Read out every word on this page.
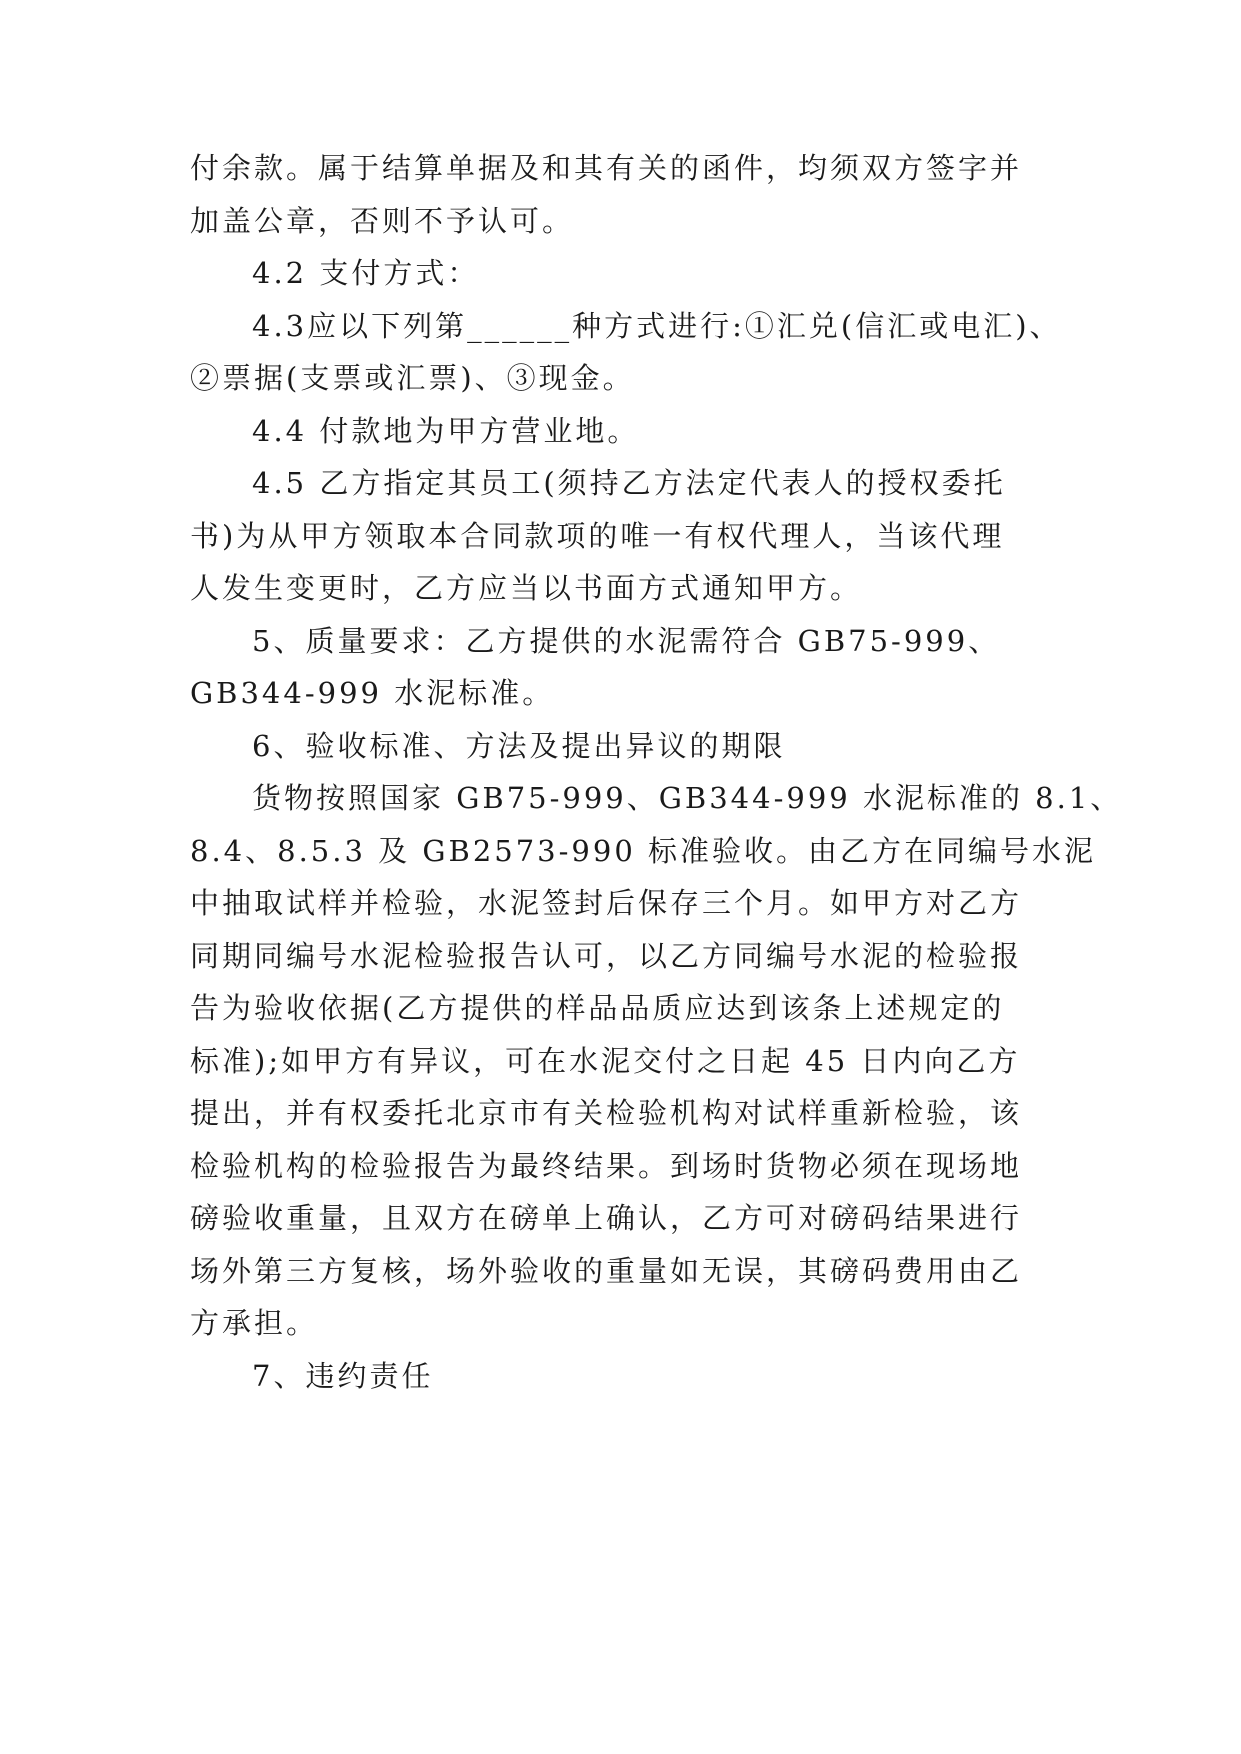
付余款。属于结算单据及和其有关的函件，均须双方签字并
加盖公章，否则不予认可。
4.2 支付方式：
4.3应以下列第______种方式进行:①汇兑(信汇或电汇)、
②票据(支票或汇票)、③现金。
4.4 付款地为甲方营业地。
4.5 乙方指定其员工(须持乙方法定代表人的授权委托
书)为从甲方领取本合同款项的唯一有权代理人，当该代理
人发生变更时，乙方应当以书面方式通知甲方。
5、质量要求：乙方提供的水泥需符合 GB75-999、
GB344-999 水泥标准。
6、验收标准、方法及提出异议的期限
货物按照国家 GB75-999、GB344-999 水泥标准的 8.1、
8.4、8.5.3 及 GB2573-990 标准验收。由乙方在同编号水泥
中抽取试样并检验，水泥签封后保存三个月。如甲方对乙方
同期同编号水泥检验报告认可，以乙方同编号水泥的检验报
告为验收依据(乙方提供的样品品质应达到该条上述规定的
标准);如甲方有异议，可在水泥交付之日起 45 日内向乙方
提出，并有权委托北京市有关检验机构对试样重新检验，该
检验机构的检验报告为最终结果。到场时货物必须在现场地
磅验收重量，且双方在磅单上确认，乙方可对磅码结果进行
场外第三方复核，场外验收的重量如无误，其磅码费用由乙
方承担。
7、违约责任
